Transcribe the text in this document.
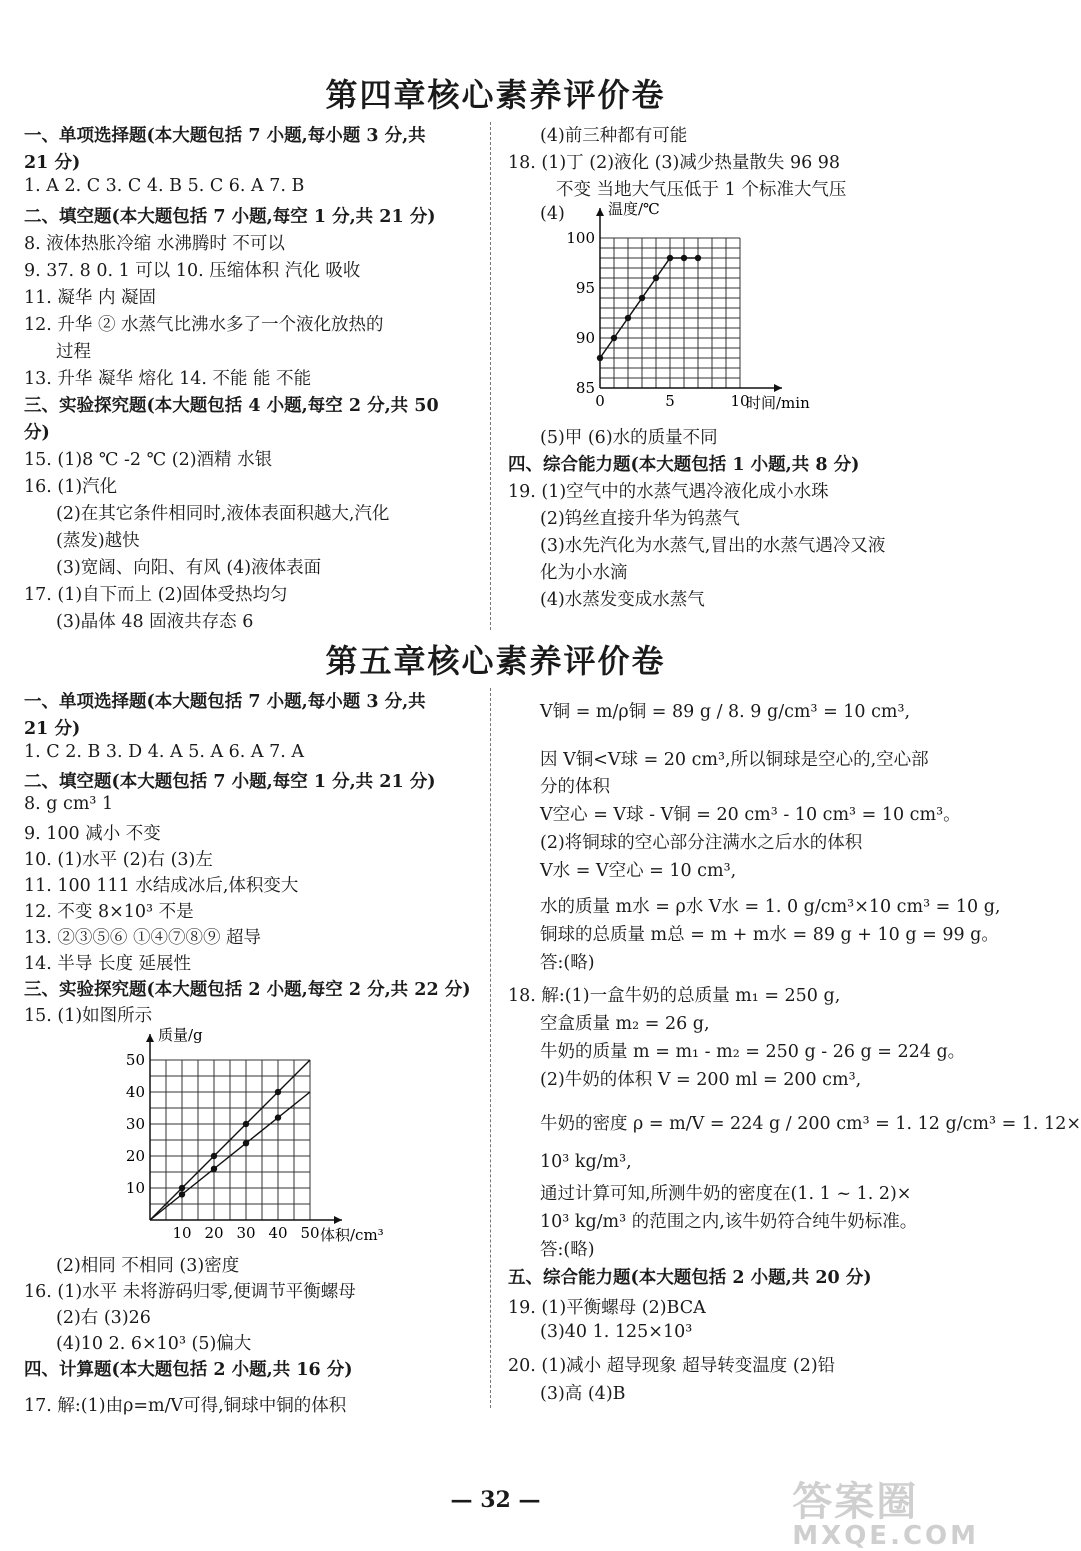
第四章核心素养评价卷
一、单项选择题(本大题包括 7 小题,每小题 3 分,共
21 分)
1. A 2. C 3. C 4. B 5. C 6. A 7. B
二、填空题(本大题包括 7 小题,每空 1 分,共 21 分)
8. 液体热胀冷缩 水沸腾时 不可以
9. 37. 8 0. 1 可以 10. 压缩体积 汽化 吸收
11. 凝华 内 凝固
12. 升华 ② 水蒸气比沸水多了一个液化放热的
过程
13. 升华 凝华 熔化 14. 不能 能 不能
三、实验探究题(本大题包括 4 小题,每空 2 分,共 50
分)
15. (1)8 ℃ -2 ℃ (2)酒精 水银
16. (1)汽化
(2)在其它条件相同时,液体表面积越大,汽化
(蒸发)越快
(3)宽阔、向阳、有风 (4)液体表面
17. (1)自下而上 (2)固体受热均匀
(3)晶体 48 固液共存态 6
(4)前三种都有可能
18. (1)丁 (2)液化 (3)减少热量散失 96 98
不变 当地大气压低于 1 个标准大气压
(4)
(5)甲 (6)水的质量不同
四、综合能力题(本大题包括 1 小题,共 8 分)
19. (1)空气中的水蒸气遇冷液化成小水珠
(2)钨丝直接升华为钨蒸气
(3)水先汽化为水蒸气,冒出的水蒸气遇冷又液
化为小水滴
(4)水蒸发变成水蒸气
温度/℃
时间/min
85
90
95
100
0	5	10
第五章核心素养评价卷
一、单项选择题(本大题包括 7 小题,每小题 3 分,共
21 分)
1. C 2. B 3. D 4. A 5. A 6. A 7. A
二、填空题(本大题包括 7 小题,每空 1 分,共 21 分)
8. g cm³ 1
9. 100 减小 不变
10. (1)水平 (2)右 (3)左
11. 100 111 水结成冰后,体积变大
12. 不变 8×10³ 不是
13. ②③⑤⑥ ①④⑦⑧⑨ 超导
14. 半导 长度 延展性
三、实验探究题(本大题包括 2 小题,每空 2 分,共 22 分)
15. (1)如图所示
(2)相同 不相同 (3)密度
16. (1)水平 未将游码归零,便调节平衡螺母
(2)右 (3)26
(4)10 2. 6×10³ (5)偏大
四、计算题(本大题包括 2 小题,共 16 分)
17. 解:(1)由ρ=m/V可得,铜球中铜的体积
V铜 = m/ρ铜 = 89 g / 8. 9 g/cm³ = 10 cm³,
因 V铜<V球 = 20 cm³,所以铜球是空心的,空心部
分的体积
V空心 = V球 - V铜 = 20 cm³ - 10 cm³ = 10 cm³。
(2)将铜球的空心部分注满水之后水的体积
V水 = V空心 = 10 cm³,
水的质量 m水 = ρ水 V水 = 1. 0 g/cm³×10 cm³ = 10 g,
铜球的总质量 m总 = m + m水 = 89 g + 10 g = 99 g。
答:(略)
18. 解:(1)一盒牛奶的总质量 m₁ = 250 g,
空盒质量 m₂ = 26 g,
牛奶的质量 m = m₁ - m₂ = 250 g - 26 g = 224 g。
(2)牛奶的体积 V = 200 ml = 200 cm³,
牛奶的密度 ρ = m/V = 224 g / 200 cm³ = 1. 12 g/cm³ = 1. 12×
10³ kg/m³,
通过计算可知,所测牛奶的密度在(1. 1 ~ 1. 2)×
10³ kg/m³ 的范围之内,该牛奶符合纯牛奶标准。
答:(略)
五、综合能力题(本大题包括 2 小题,共 20 分)
19. (1)平衡螺母 (2)BCA
(3)40 1. 125×10³
20. (1)减小 超导现象 超导转变温度 (2)铅
(3)高 (4)B
质量/g
体积/cm³
10
20
30
40
50
10 20 30 40 50
— 32 —	答案圈
MXQE.COM
